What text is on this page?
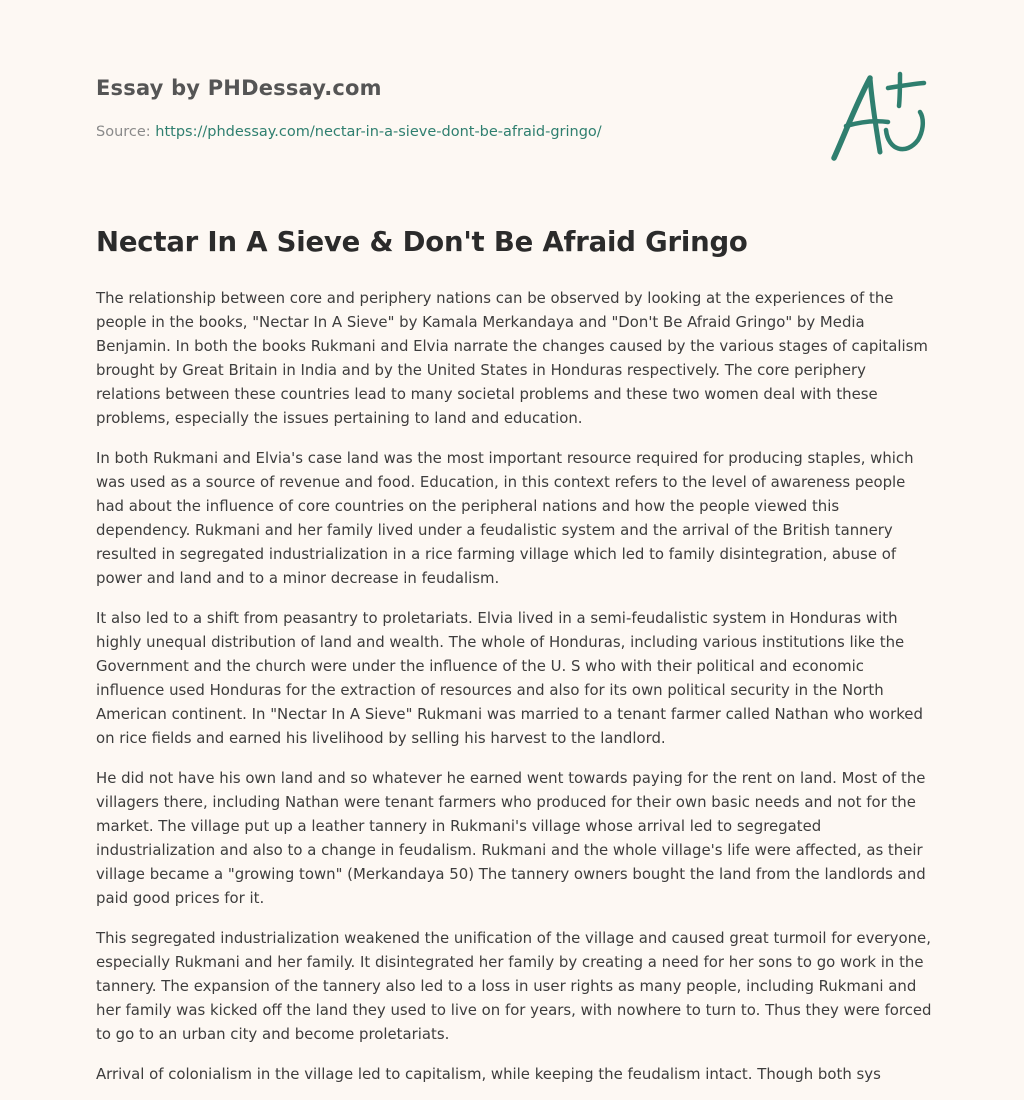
Essay by PHDessay.com
Source: https://phdessay.com/nectar-in-a-sieve-dont-be-afraid-gringo/
Nectar In A Sieve & Don't Be Afraid Gringo

The relationship between core and periphery nations can be observed by looking at the experiences of the people in the books, "Nectar In A Sieve" by Kamala Merkandaya and "Don't Be Afraid Gringo" by Media Benjamin. In both the books Rukmani and Elvia narrate the changes caused by the various stages of capitalism brought by Great Britain in India and by the United States in Honduras respectively. The core periphery relations between these countries lead to many societal problems and these two women deal with these problems, especially the issues pertaining to land and education.

In both Rukmani and Elvia's case land was the most important resource required for producing staples, which was used as a source of revenue and food. Education, in this context refers to the level of awareness people had about the influence of core countries on the peripheral nations and how the people viewed this dependency. Rukmani and her family lived under a feudalistic system and the arrival of the British tannery resulted in segregated industrialization in a rice farming village which led to family disintegration, abuse of power and land and to a minor decrease in feudalism.

It also led to a shift from peasantry to proletariats. Elvia lived in a semi-feudalistic system in Honduras with highly unequal distribution of land and wealth. The whole of Honduras, including various institutions like the Government and the church were under the influence of the U. S who with their political and economic influence used Honduras for the extraction of resources and also for its own political security in the North American continent. In "Nectar In A Sieve" Rukmani was married to a tenant farmer called Nathan who worked on rice fields and earned his livelihood by selling his harvest to the landlord.

He did not have his own land and so whatever he earned went towards paying for the rent on land. Most of the villagers there, including Nathan were tenant farmers who produced for their own basic needs and not for the market. The village put up a leather tannery in Rukmani's village whose arrival led to segregated industrialization and also to a change in feudalism. Rukmani and the whole village's life were affected, as their village became a "growing town" (Merkandaya 50) The tannery owners bought the land from the landlords and paid good prices for it.

This segregated industrialization weakened the unification of the village and caused great turmoil for everyone, especially Rukmani and her family. It disintegrated her family by creating a need for her sons to go work in the tannery. The expansion of the tannery also led to a loss in user rights as many people, including Rukmani and her family was kicked off the land they used to live on for years, with nowhere to turn to. Thus they were forced to go to an urban city and become proletariats.

Arrival of colonialism in the village led to capitalism, while keeping the feudalism intact. Though both sys
